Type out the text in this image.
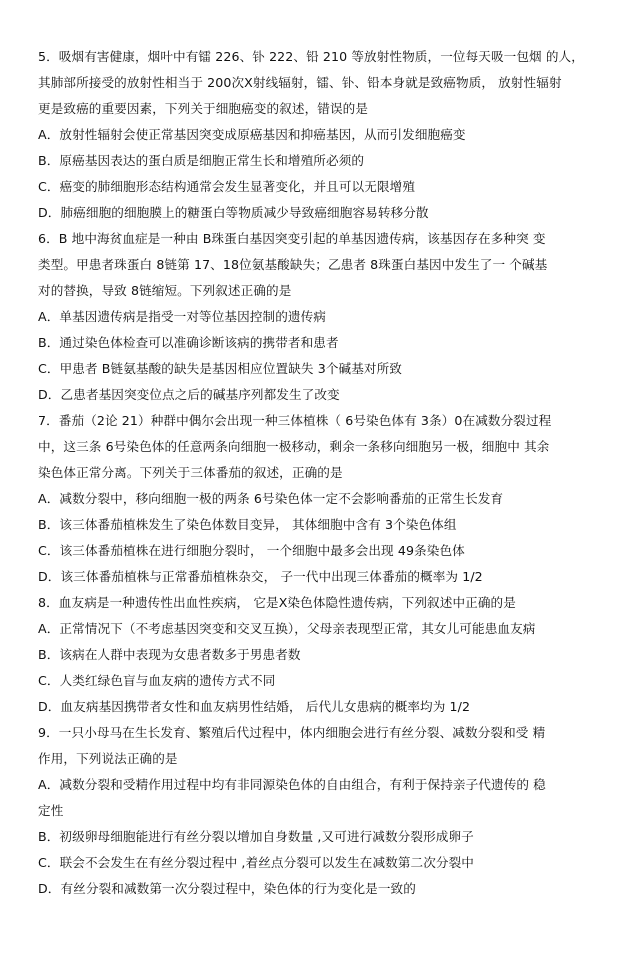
5．吸烟有害健康，烟叶中有镭 226、钋 222、铅 210 等放射性物质，一位每天吸一包烟 的人，
其肺部所接受的放射性相当于 200次X射线辐射，镭、钋、铅本身就是致癌物质， 放射性辐射
更是致癌的重要因素，下列关于细胞癌变的叙述，错误的是
A．放射性辐射会使正常基因突变成原癌基因和抑癌基因，从而引发细胞癌变
B．原癌基因表达的蛋白质是细胞正常生长和增殖所必须的
C．癌变的肺细胞形态结构通常会发生显著变化，并且可以无限增殖
D．肺癌细胞的细胞膜上的糖蛋白等物质减少导致癌细胞容易转移分散
6．B 地中海贫血症是一种由 B珠蛋白基因突变引起的单基因遗传病，该基因存在多种突 变
类型。甲患者珠蛋白 8链第 17、18位氨基酸缺失；乙患者 8珠蛋白基因中发生了一 个碱基
对的替换，导致 8链缩短。下列叙述正确的是
A．单基因遗传病是指受一对等位基因控制的遗传病
B．通过染色体检查可以准确诊断该病的携带者和患者
C．甲患者 B链氨基酸的缺失是基因相应位置缺失 3个碱基对所致
D．乙患者基因突变位点之后的碱基序列都发生了改变
7．番茄（2论 21）种群中偶尔会出现一种三体植株（ 6号染色体有 3条）0在减数分裂过程
中，这三条 6号染色体的任意两条向细胞一极移动，剩余一条移向细胞另一极，细胞中 其余
染色体正常分离。下列关于三体番茄的叙述，正确的是
A．减数分裂中，移向细胞一极的两条 6号染色体一定不会影响番茄的正常生长发育
B．该三体番茄植株发生了染色体数目变异， 其体细胞中含有 3个染色体组
C．该三体番茄植株在进行细胞分裂时， 一个细胞中最多会出现 49条染色体
D．该三体番茄植株与正常番茄植株杂交， 子一代中出现三体番茄的概率为 1/2
8．血友病是一种遗传性出血性疾病， 它是X染色体隐性遗传病，下列叙述中正确的是
A．正常情况下（不考虑基因突变和交叉互换），父母亲表现型正常，其女儿可能患血友病
B．该病在人群中表现为女患者数多于男患者数
C．人类红绿色盲与血友病的遗传方式不同
D．血友病基因携带者女性和血友病男性结婚， 后代儿女患病的概率均为 1/2
9．一只小母马在生长发育、繁殖后代过程中，体内细胞会进行有丝分裂、减数分裂和受 精
作用，下列说法正确的是
A．减数分裂和受精作用过程中均有非同源染色体的自由组合，有利于保持亲子代遗传的 稳
定性
B．初级卵母细胞能进行有丝分裂以增加自身数量 ,又可进行减数分裂形成卵子
C．联会不会发生在有丝分裂过程中 ,着丝点分裂可以发生在减数第二次分裂中
D．有丝分裂和减数第一次分裂过程中，染色体的行为变化是一致的
